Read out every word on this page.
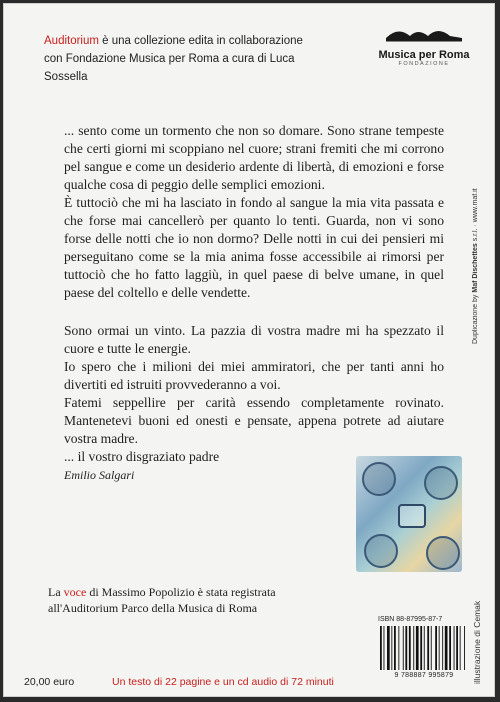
Auditorium è una collezione edita in collaborazione
con Fondazione Musica per Roma a cura di Luca Sossella
Musica per Roma
FONDAZIONE
Duplicazione by Maf Dischettes s.r.l. · www.maf.it
illustrazione di Cemak

... sento come un tormento che non so domare. Sono strane tempeste che certi giorni mi scoppiano nel cuore; strani fremiti che mi corrono pel sangue e come un desiderio ardente di libertà, di emozioni e forse qualche cosa di peggio delle semplici emozioni.

È tuttociò che mi ha lasciato in fondo al sangue la mia vita passata e che forse mai cancellerò per quanto lo tenti. Guarda, non vi sono forse delle notti che io non dormo? Delle notti in cui dei pensieri mi perseguitano come se la mia anima fosse accessibile ai rimorsi per tuttociò che ho fatto laggiù, in quel paese di belve umane, in quel paese del coltello e delle vendette.

Sono ormai un vinto. La pazzia di vostra madre mi ha spezzato il cuore e tutte le energie.

Io spero che i milioni dei miei ammiratori, che per tanti anni ho divertiti ed istruiti provvederanno a voi.

Fatemi seppellire per carità essendo completamente rovinato. Mantenetevi buoni ed onesti e pensate, appena potrete ad aiutare vostra madre.

... il vostro disgraziato padre

Emilio Salgari

La voce di Massimo Popolizio è stata registrata
all'Auditorium Parco della Musica di Roma
ISBN 88-87995-87-7
9 788887 995879
20,00 euro	Un testo di 22 pagine e un cd audio di 72 minuti
